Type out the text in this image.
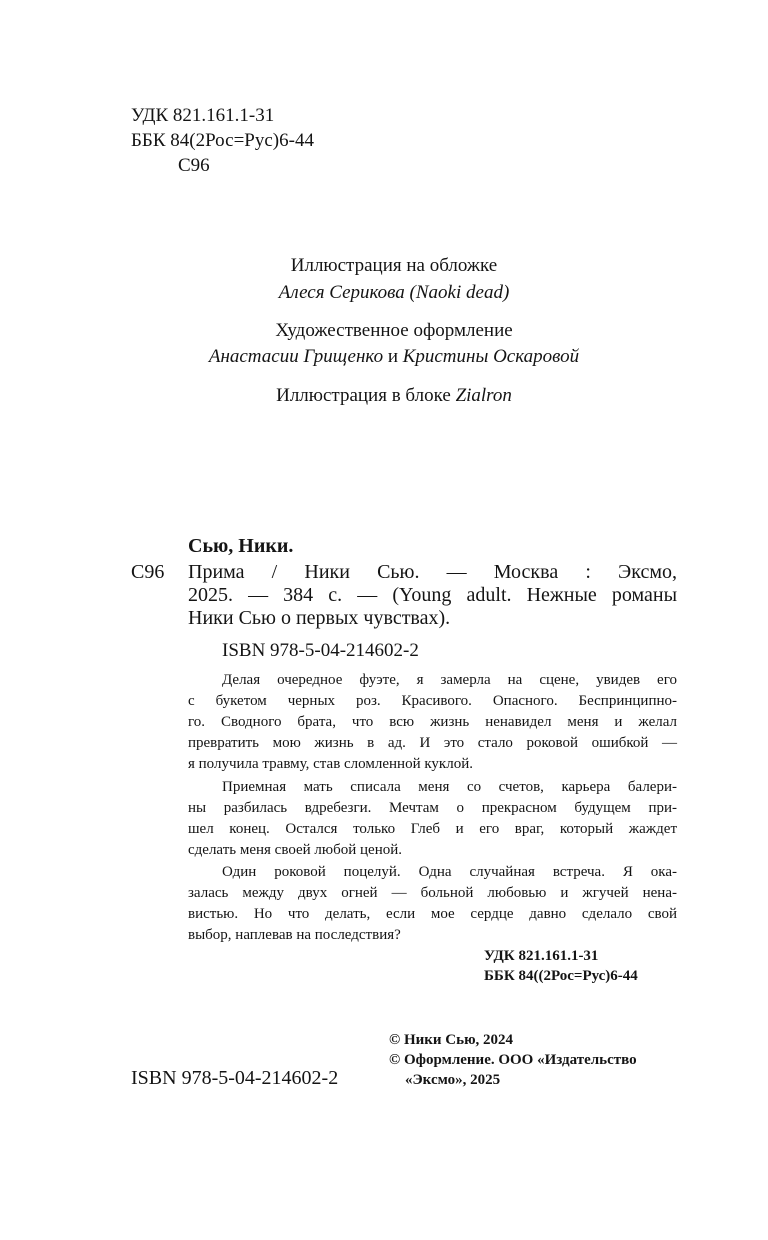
УДК 821.161.1-31
ББК 84(2Рос=Рус)6-44
С96
Иллюстрация на обложке
Алеся Серикова (Naoki dead)
Художественное оформление
Анастасии Грищенко и Кристины Оскаровой
Иллюстрация в блоке Zialron
Сью, Ники.
С96 Прима / Ники Сью. — Москва : Эксмо,
2025. — 384 с. — (Young adult. Нежные романы
Ники Сью о первых чувствах).
ISBN 978-5-04-214602-2
Делая очередное фуэте, я замерла на сцене, увидев его
с букетом черных роз. Красивого. Опасного. Беспринципно-
го. Сводного брата, что всю жизнь ненавидел меня и желал
превратить мою жизнь в ад. И это стало роковой ошибкой —
я получила травму, став сломленной куклой.
Приемная мать списала меня со счетов, карьера балери-
ны разбилась вдребезги. Мечтам о прекрасном будущем при-
шел конец. Остался только Глеб и его враг, который жаждет
сделать меня своей любой ценой.
Один роковой поцелуй. Одна случайная встреча. Я ока-
залась между двух огней — больной любовью и жгучей нена-
вистью. Но что делать, если мое сердце давно сделало свой
выбор, наплевав на последствия?
УДК 821.161.1-31
ББК 84((2Рос=Рус)6-44
ISBN 978-5-04-214602-2
© Ники Сью, 2024
© Оформление. ООО «Издательство
«Эксмо», 2025
